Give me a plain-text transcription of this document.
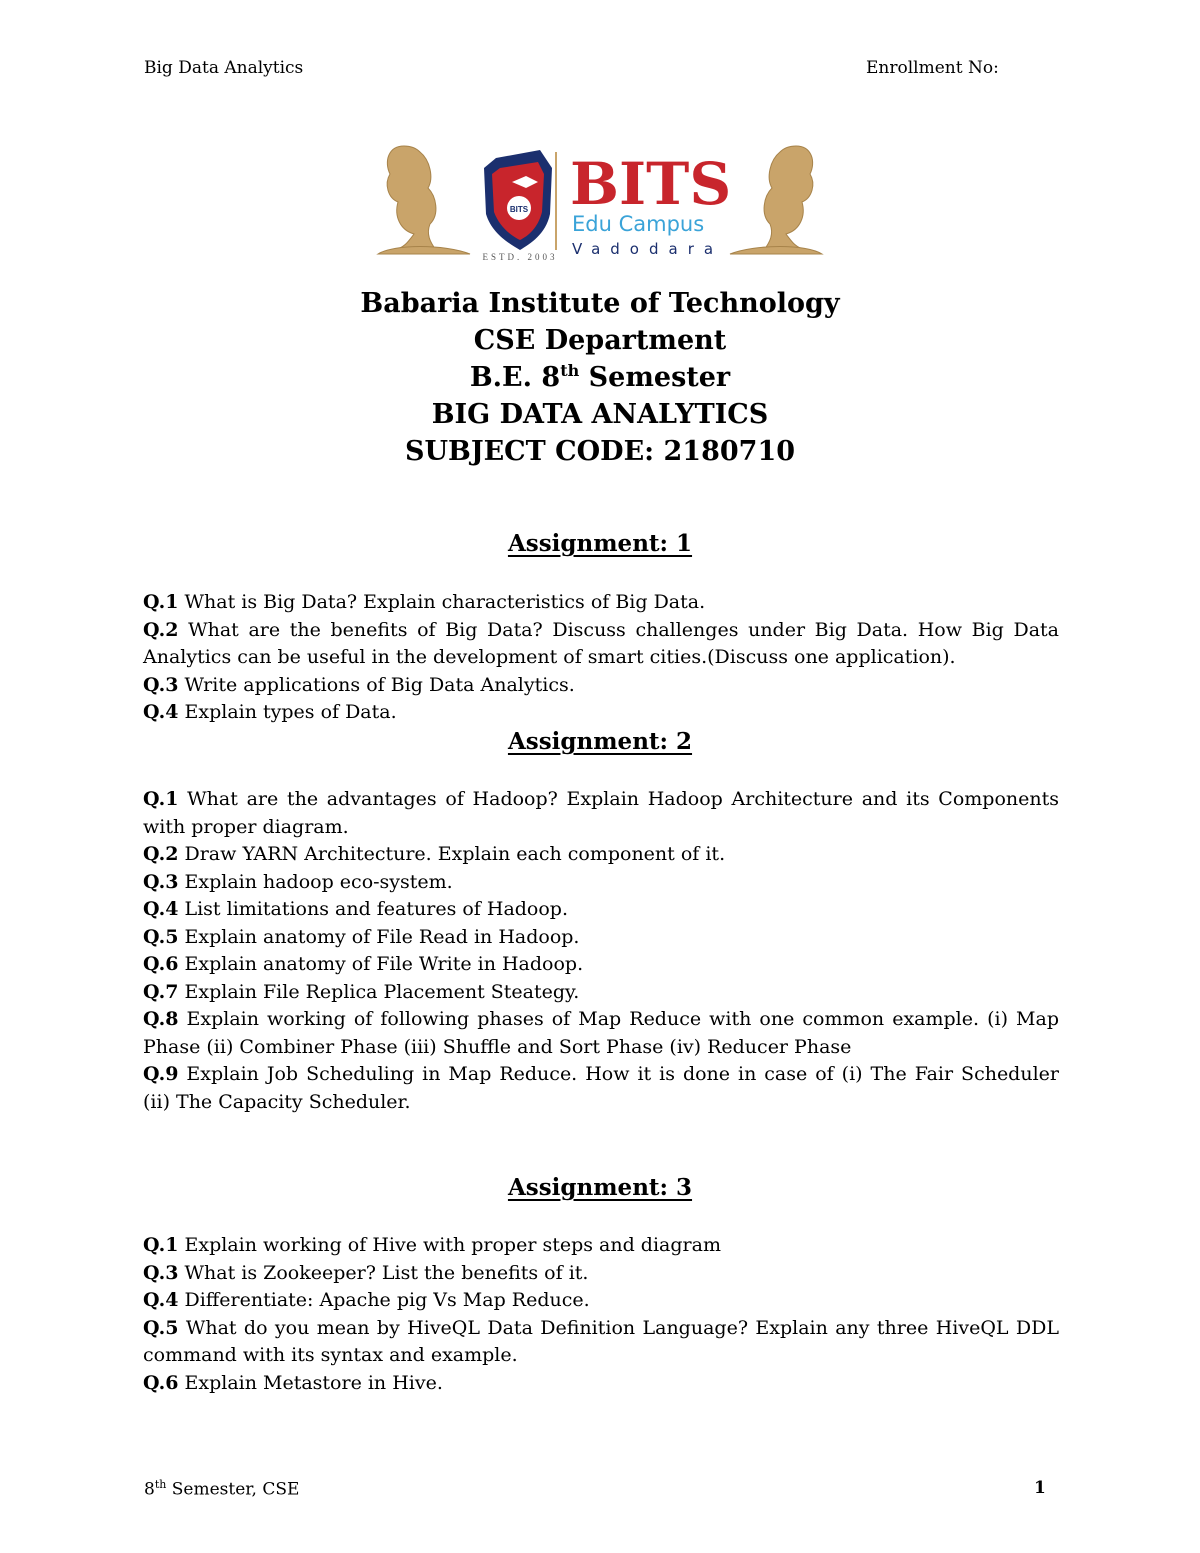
Big Data Analytics	Enrollment No:
BITS
ESTD. 2003
BITS
Edu Campus
Vadodara
Babaria Institute of Technology
CSE Department
B.E. 8th Semester
BIG DATA ANALYTICS
SUBJECT CODE: 2180710
Assignment: 1
Q.1 What is Big Data? Explain characteristics of Big Data.
Q.2 What are the benefits of Big Data? Discuss challenges under Big Data. How Big Data Analytics can be useful in the development of smart cities.(Discuss one application).
Q.3 Write applications of Big Data Analytics.
Q.4 Explain types of Data.
Assignment: 2
Q.1 What are the advantages of Hadoop? Explain Hadoop Architecture and its Components with proper diagram.
Q.2 Draw YARN Architecture. Explain each component of it.
Q.3 Explain hadoop eco-system.
Q.4 List limitations and features of Hadoop.
Q.5 Explain anatomy of File Read in Hadoop.
Q.6 Explain anatomy of File Write in Hadoop.
Q.7 Explain File Replica Placement Steategy.
Q.8 Explain working of following phases of Map Reduce with one common example. (i) Map Phase (ii) Combiner Phase (iii) Shuffle and Sort Phase (iv) Reducer Phase
Q.9 Explain Job Scheduling in Map Reduce. How it is done in case of (i) The Fair Scheduler (ii) The Capacity Scheduler.
Assignment: 3
Q.1 Explain working of Hive with proper steps and diagram
Q.3 What is Zookeeper? List the benefits of it.
Q.4 Differentiate: Apache pig Vs Map Reduce.
Q.5 What do you mean by HiveQL Data Definition Language? Explain any three HiveQL DDL command with its syntax and example.
Q.6 Explain Metastore in Hive.
8th Semester, CSE	1
